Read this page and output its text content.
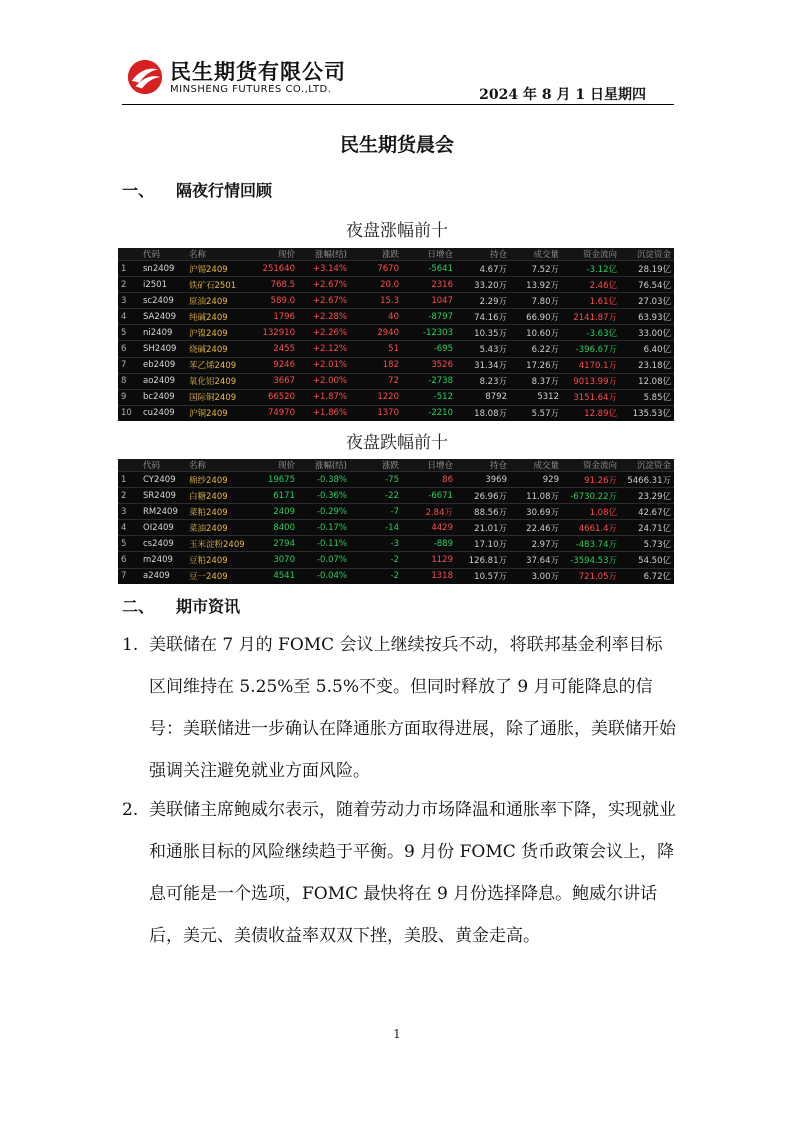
民生期货有限公司
MINSHENG FUTURES CO.,LTD.	2024 年 8 月 1 日星期四
民生期货晨会
一、 隔夜行情回顾
夜盘涨幅前十
	代码	名称	现价	涨幅(结)	涨跌	日增仓	持仓	成交量	资金流向	沉淀资金
1	sn2409	沪锡2409	251640	+3.14%	7670	-5641	4.67万	7.52万	-3.12亿	28.19亿
2	i2501	铁矿石2501	768.5	+2.67%	20.0	2316	33.20万	13.92万	2.46亿	76.54亿
3	sc2409	原油2409	589.0	+2.67%	15.3	1047	2.29万	7.80万	1.61亿	27.03亿
4	SA2409	纯碱2409	1796	+2.28%	40	-8797	74.16万	66.90万	2141.87万	63.93亿
5	ni2409	沪镍2409	132910	+2.26%	2940	-12303	10.35万	10.60万	-3.63亿	33.00亿
6	SH2409	烧碱2409	2455	+2.12%	51	-695	5.43万	6.22万	-396.67万	6.40亿
7	eb2409	苯乙烯2409	9246	+2.01%	182	3526	31.34万	17.26万	4170.1万	23.18亿
8	ao2409	氧化铝2409	3667	+2.00%	72	-2738	8.23万	8.37万	9013.99万	12.08亿
9	bc2409	国际铜2409	66520	+1.87%	1220	-512	8792	5312	3151.64万	5.85亿
10	cu2409	沪铜2409	74970	+1.86%	1370	-2210	18.08万	5.57万	12.89亿	135.53亿
夜盘跌幅前十
	代码	名称	现价	涨幅(结)	涨跌	日增仓	持仓	成交量	资金流向	沉淀资金
1	CY2409	棉纱2409	19675	-0.38%	-75	86	3969	929	91.26万	5466.31万
2	SR2409	白糖2409	6171	-0.36%	-22	-6671	26.96万	11.08万	-6730.22万	23.29亿
3	RM2409	菜粕2409	2409	-0.29%	-7	2.84万	88.56万	30.69万	1.08亿	42.67亿
4	OI2409	菜油2409	8400	-0.17%	-14	4429	21.01万	22.46万	4661.4万	24.71亿
5	cs2409	玉米淀粉2409	2794	-0.11%	-3	-889	17.10万	2.97万	-483.74万	5.73亿
6	m2409	豆粕2409	3070	-0.07%	-2	1129	126.81万	37.64万	-3594.53万	54.50亿
7	a2409	豆一2409	4541	-0.04%	-2	1318	10.57万	3.00万	721.05万	6.72亿
二、 期市资讯

1. 美联储在 7 月的 FOMC 会议上继续按兵不动，将联邦基金利率目标区间维持在 5.25%至 5.5%不变。但同时释放了 9 月可能降息的信号：美联储进一步确认在降通胀方面取得进展，除了通胀，美联储开始强调关注避免就业方面风险。

2. 美联储主席鲍威尔表示，随着劳动力市场降温和通胀率下降，实现就业和通胀目标的风险继续趋于平衡。9 月份 FOMC 货币政策会议上，降息可能是一个选项，FOMC 最快将在 9 月份选择降息。鲍威尔讲话后，美元、美债收益率双双下挫，美股、黄金走高。

1
